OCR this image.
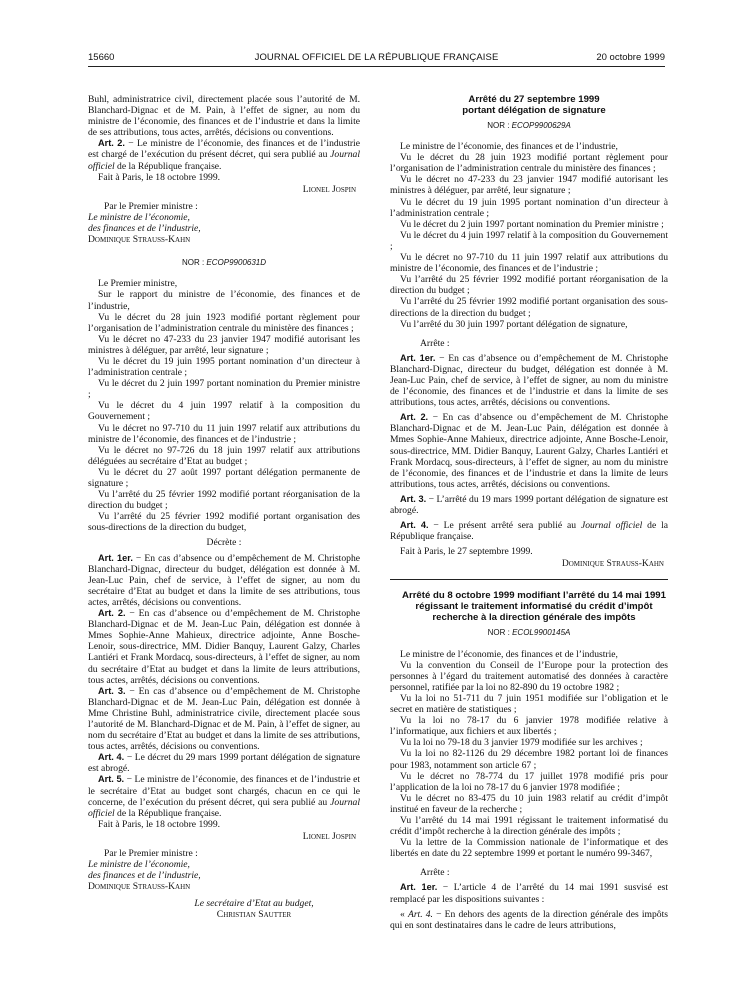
15660	JOURNAL OFFICIEL DE LA RÉPUBLIQUE FRANÇAISE	20 octobre 1999

Buhl, administratrice civil, directement placée sous l’autorité de M. Blanchard-Dignac et de M. Pain, à l’effet de signer, au nom du ministre de l’économie, des finances et de l’industrie et dans la limite de ses attributions, tous actes, arrêtés, décisions ou conventions.

Art. 2. − Le ministre de l’économie, des finances et de l’industrie est chargé de l’exécution du présent décret, qui sera publié au Journal officiel de la République française.

Fait à Paris, le 18 octobre 1999.

Lionel Jospin
Par le Premier ministre :
Le ministre de l’économie,
des finances et de l’industrie,
Dominique Strauss-Kahn
NOR : ECOP9900631D

Le Premier ministre,

Sur le rapport du ministre de l’économie, des finances et de l’industrie,

Vu le décret du 28 juin 1923 modifié portant règlement pour l’organisation de l’administration centrale du ministère des finances ;

Vu le décret no 47-233 du 23 janvier 1947 modifié autorisant les ministres à déléguer, par arrêté, leur signature ;

Vu le décret du 19 juin 1995 portant nomination d’un directeur à l’administration centrale ;

Vu le décret du 2 juin 1997 portant nomination du Premier ministre ;

Vu le décret du 4 juin 1997 relatif à la composition du Gouvernement ;

Vu le décret no 97-710 du 11 juin 1997 relatif aux attributions du ministre de l’économie, des finances et de l’industrie ;

Vu le décret no 97-726 du 18 juin 1997 relatif aux attributions déléguées au secrétaire d’Etat au budget ;

Vu le décret du 27 août 1997 portant délégation permanente de signature ;

Vu l’arrêté du 25 février 1992 modifié portant réorganisation de la direction du budget ;

Vu l’arrêté du 25 février 1992 modifié portant organisation des sous-directions de la direction du budget,

Décrète :

Art. 1er. − En cas d’absence ou d’empêchement de M. Christophe Blanchard-Dignac, directeur du budget, délégation est donnée à M. Jean-Luc Pain, chef de service, à l’effet de signer, au nom du secrétaire d’Etat au budget et dans la limite de ses attributions, tous actes, arrêtés, décisions ou conventions.

Art. 2. − En cas d’absence ou d’empêchement de M. Christophe Blanchard-Dignac et de M. Jean-Luc Pain, délégation est donnée à Mmes Sophie-Anne Mahieux, directrice adjointe, Anne Bosche-Lenoir, sous-directrice, MM. Didier Banquy, Laurent Galzy, Charles Lantiéri et Frank Mordacq, sous-directeurs, à l’effet de signer, au nom du secrétaire d’Etat au budget et dans la limite de leurs attributions, tous actes, arrêtés, décisions ou conventions.

Art. 3. − En cas d’absence ou d’empêchement de M. Christophe Blanchard-Dignac et de M. Jean-Luc Pain, délégation est donnée à Mme Christine Buhl, administratrice civile, directement placée sous l’autorité de M. Blanchard-Dignac et de M. Pain, à l’effet de signer, au nom du secrétaire d’Etat au budget et dans la limite de ses attributions, tous actes, arrêtés, décisions ou conventions.

Art. 4. − Le décret du 29 mars 1999 portant délégation de signature est abrogé.

Art. 5. − Le ministre de l’économie, des finances et de l’industrie et le secrétaire d’Etat au budget sont chargés, chacun en ce qui le concerne, de l’exécution du présent décret, qui sera publié au Journal officiel de la République française.

Fait à Paris, le 18 octobre 1999.

Lionel Jospin
Par le Premier ministre :
Le ministre de l’économie,
des finances et de l’industrie,
Dominique Strauss-Kahn
Le secrétaire d’Etat au budget,
Christian Sautter

Arrêté du 27 septembre 1999

portant délégation de signature

NOR : ECOP9900629A

Le ministre de l’économie, des finances et de l’industrie,

Vu le décret du 28 juin 1923 modifié portant règlement pour l’organisation de l’administration centrale du ministère des finances ;

Vu le décret no 47-233 du 23 janvier 1947 modifié autorisant les ministres à déléguer, par arrêté, leur signature ;

Vu le décret du 19 juin 1995 portant nomination d’un directeur à l’administration centrale ;

Vu le décret du 2 juin 1997 portant nomination du Premier ministre ;

Vu le décret du 4 juin 1997 relatif à la composition du Gouvernement ;

Vu le décret no 97-710 du 11 juin 1997 relatif aux attributions du ministre de l’économie, des finances et de l’industrie ;

Vu l’arrêté du 25 février 1992 modifié portant réorganisation de la direction du budget ;

Vu l’arrêté du 25 février 1992 modifié portant organisation des sous-directions de la direction du budget ;

Vu l’arrêté du 30 juin 1997 portant délégation de signature,

Arrête :

Art. 1er. − En cas d’absence ou d’empêchement de M. Christophe Blanchard-Dignac, directeur du budget, délégation est donnée à M. Jean-Luc Pain, chef de service, à l’effet de signer, au nom du ministre de l’économie, des finances et de l’industrie et dans la limite de ses attributions, tous actes, arrêtés, décisions ou conventions.

Art. 2. − En cas d’absence ou d’empêchement de M. Christophe Blanchard-Dignac et de M. Jean-Luc Pain, délégation est donnée à Mmes Sophie-Anne Mahieux, directrice adjointe, Anne Bosche-Lenoir, sous-directrice, MM. Didier Banquy, Laurent Galzy, Charles Lantiéri et Frank Mordacq, sous-directeurs, à l’effet de signer, au nom du ministre de l’économie, des finances et de l’industrie et dans la limite de leurs attributions, tous actes, arrêtés, décisions ou conventions.

Art. 3. − L’arrêté du 19 mars 1999 portant délégation de signature est abrogé.

Art. 4. − Le présent arrêté sera publié au Journal officiel de la République française.

Fait à Paris, le 27 septembre 1999.

Dominique Strauss-Kahn

Arrêté du 8 octobre 1999 modifiant l’arrêté du 14 mai 1991

régissant le traitement informatisé du crédit d’impôt

recherche à la direction générale des impôts

NOR : ECOL9900145A

Le ministre de l’économie, des finances et de l’industrie,

Vu la convention du Conseil de l’Europe pour la protection des personnes à l’égard du traitement automatisé des données à caractère personnel, ratifiée par la loi no 82-890 du 19 octobre 1982 ;

Vu la loi no 51-711 du 7 juin 1951 modifiée sur l’obligation et le secret en matière de statistiques ;

Vu la loi no 78-17 du 6 janvier 1978 modifiée relative à l’informatique, aux fichiers et aux libertés ;

Vu la loi no 79-18 du 3 janvier 1979 modifiée sur les archives ;

Vu la loi no 82-1126 du 29 décembre 1982 portant loi de finances pour 1983, notamment son article 67 ;

Vu le décret no 78-774 du 17 juillet 1978 modifié pris pour l’application de la loi no 78-17 du 6 janvier 1978 modifiée ;

Vu le décret no 83-475 du 10 juin 1983 relatif au crédit d’impôt institué en faveur de la recherche ;

Vu l’arrêté du 14 mai 1991 régissant le traitement informatisé du crédit d’impôt recherche à la direction générale des impôts ;

Vu la lettre de la Commission nationale de l’informatique et des libertés en date du 22 septembre 1999 et portant le numéro 99-3467,

Arrête :

Art. 1er. − L’article 4 de l’arrêté du 14 mai 1991 susvisé est remplacé par les dispositions suivantes :

« Art. 4. − En dehors des agents de la direction générale des impôts qui en sont destinataires dans le cadre de leurs attributions,
